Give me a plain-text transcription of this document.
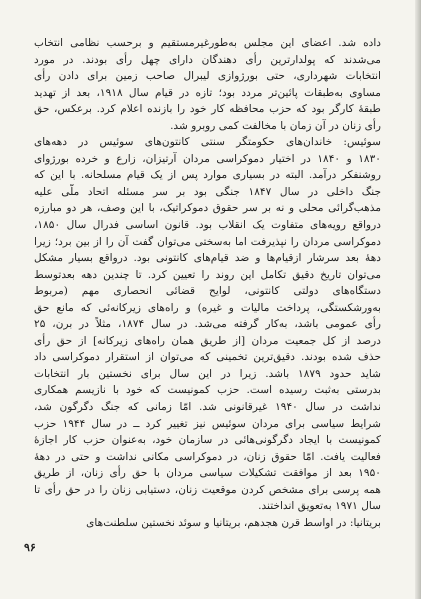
داده شد. اعضای این مجلس به‌طورغیرمستقیم و برحسب نظامی انتخاب
می‌شدند که پولدارترین رأی دهندگان دارای چهل رأی بودند. در مورد
انتخابات شهرداری، حتی بورژوازی لیبرال صاحب زمین برای دادن رأی
مساوی به‌طبقات پائین‌تر مردد بود؛ تازه در قیام سال ۱۹۱۸، بعد از تهدید
طبقهٔ کارگر بود که حزب محافظه کار خود را بازنده اعلام کرد. برعکس، حق
رأی زنان در آن زمان با مخالفت کمی روبرو شد.

سوئیس: خاندان‌های حکومتگر سنتی کانتون‌های سوئیس در دهه‌های
۱۸۳۰ و ۱۸۴۰ در اختیار دموکراسی مردان آرتیزان، زارع و خرده بورژوای
روشنفکر درآمد. البته در بسیاری موارد پس از یک قیام مسلحانه. با این که
جنگ داخلی در سال ۱۸۴۷ جنگی بود بر سر مسئله اتحاد ملّی علیه
مذهب‌گرائی محلی و نه بر سر حقوق دموکراتیک، با این وصف، هر دو مبارزه
درواقع رویه‌های متفاوت یک انقلاب بود. قانون اساسی فدرال سال ۱۸۵۰،
دموکراسی مردان را نپذیرفت اما به‌سختی می‌توان گفت آن را از بین برد؛ زیرا
دههٔ بعد سرشار ازقیام‌ها و ضد قیام‌های کانتونی بود. درواقع بسیار مشکل
می‌توان تاریخ دقیق تکامل این روند را تعیین کرد. تا چندین دهه بعدتوسط
دستگاه‌های دولتی کانتونی، لوایح قضائی انحصاری مهم (مربوط
به‌ورشکستگی، پرداخت مالیات و غیره) و راه‌های زیرکانه‌ئی که مانع حق
رأی عمومی باشد، به‌کار گرفته می‌شد. در سال ۱۸۷۴، مثلاً در برن، ۲۵
درصد از کل جمعیت مردان [از طریق همان راه‌های زیرکانه] از حق رأی
حذف شده بودند. دقیق‌ترین تخمینی که می‌توان از استقرار دموکراسی داد
شاید حدود ۱۸۷۹ باشد. زیرا در این سال برای نخستین بار انتخابات
بدرستی به‌ثبت رسیده است. حزب کمونیست که خود با نازیسم همکاری
نداشت در سال ۱۹۴۰ غیرقانونی شد. امّا زمانی که جنگ دگرگون شد،
شرایط سیاسی برای مردان سوئیس نیز تغییر کرد ــ در سال ۱۹۴۴ حزب
کمونیست با ایجاد دگرگونی‌هائی در سازمان خود، به‌عنوان حزب کار اجازهٔ
فعالیت یافت. امّا حقوق زنان، در دموکراسی مکانی نداشت و حتی در دههٔ
۱۹۵۰ بعد از موافقت تشکیلات سیاسی مردان با حق رأی زنان، از طریق
همه پرسی برای مشخص کردن موقعیت زنان، دستیابی زنان را در حق رأی تا
سال ۱۹۷۱ به‌تعویق انداختند.

بریتانیا: در اواسط قرن هجدهم، بریتانیا و سوئد نخستین سلطنت‌های

۹۶
